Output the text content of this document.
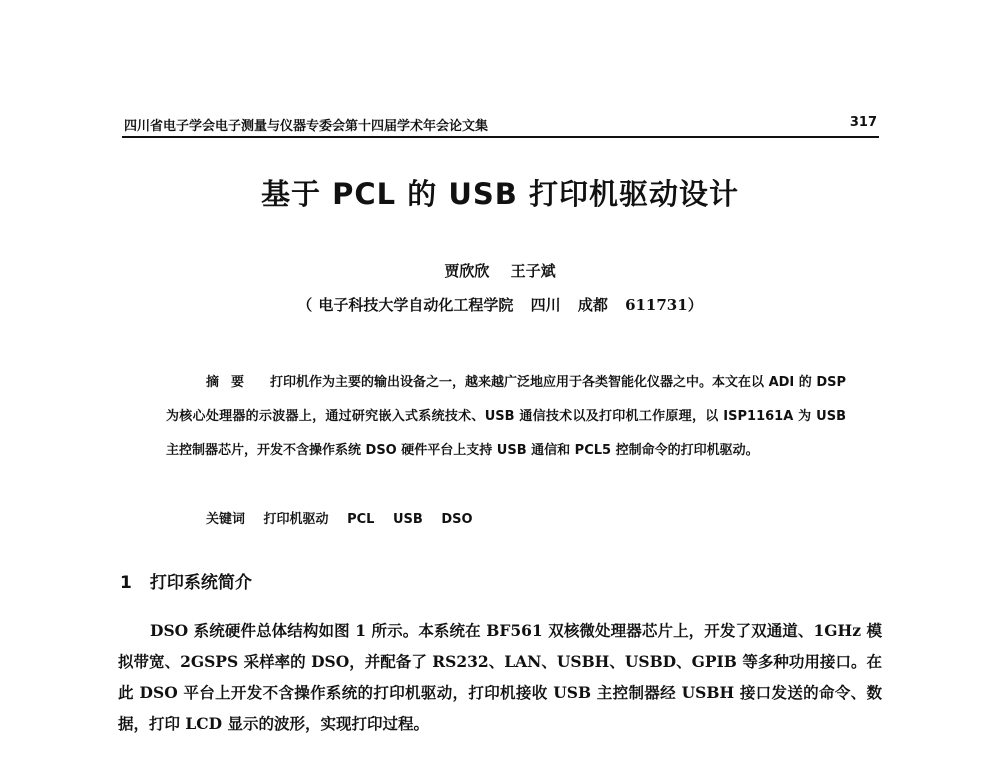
四川省电子学会电子测量与仪器专委会第十四届学术年会论文集	317
基于 PCL 的 USB 打印机驱动设计
贾欣欣 王子斌
（ 电子科技大学自动化工程学院 四川 成都 611731）
摘要 打印机作为主要的输出设备之一，越来越广泛地应用于各类智能化仪器之中。本文在以 ADI 的 DSP 为核心处理器的示波器上，通过研究嵌入式系统技术、USB 通信技术以及打印机工作原理，以 ISP1161A 为 USB 主控制器芯片，开发不含操作系统 DSO 硬件平台上支持 USB 通信和 PCL5 控制命令的打印机驱动。
关键词 打印机驱动 PCL USB DSO
1 打印系统简介
DSO 系统硬件总体结构如图 1 所示。本系统在 BF561 双核微处理器芯片上，开发了双通道、1GHz 模拟带宽、2GSPS 采样率的 DSO，并配备了 RS232、LAN、USBH、USBD、GPIB 等多种功用接口。在此 DSO 平台上开发不含操作系统的打印机驱动，打印机接收 USB 主控制器经 USBH 接口发送的命令、数据，打印 LCD 显示的波形，实现打印过程。
